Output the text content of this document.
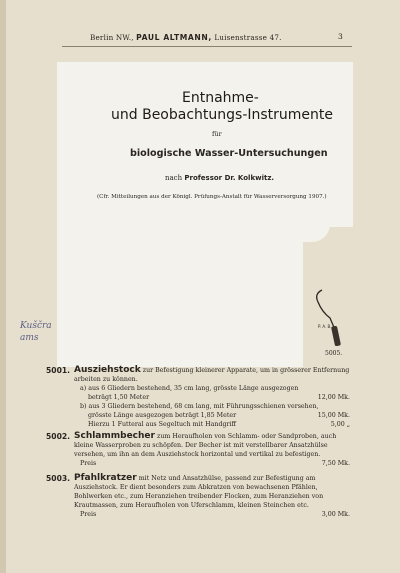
Berlin NW., PAUL ALTMANN, Luisenstrasse 47.	3
Entnahme-
und Beobachtungs-Instrumente
für
biologische Wasser-Untersuchungen
nach Professor Dr. Kolkwitz.
(Cfr. Mitteilungen aus der Königl. Prüfungs-Anstalt für Wasserversorgung 1907.)
Kuščra ams
P. A. B.
5005.
5001. Ausziehstock zur Befestigung kleinerer Apparate, um in grösserer Entfernung arbeiten zu können.
a) aus 6 Gliedern bestehend, 35 cm lang, grösste Länge ausgezogen
beträgt 1,50 Meter	12,00 Mk.
b) aus 3 Gliedern bestehend, 68 cm lang, mit Führungsschienen versehen,
grösste Länge ausgezogen beträgt 1,85 Meter	15,00 Mk.
Hierzu 1 Futteral aus Segeltuch mit Handgriff	5,00 „
5002. Schlammbecher zum Heraufholen von Schlamm- oder Sandproben, auch kleine Wasserproben zu schöpfen. Der Becher ist mit verstellbarer Ansatzhülse versehen, um ihn an dem Ausziehstock horizontal und vertikal zu befestigen.
Preis	7,50 Mk.
5003. Pfahlkratzer mit Netz und Ansatzhülse, passend zur Befestigung am Ausziehstock. Er dient besonders zum Abkratzen von bewachsenen Pfählen, Bohlwerken etc., zum Heranziehen treibender Flocken, zum Heranziehen von Krautmassen, zum Heraufholen von Uferschlamm, kleinen Steinchen etc.
Preis	3,00 Mk.
